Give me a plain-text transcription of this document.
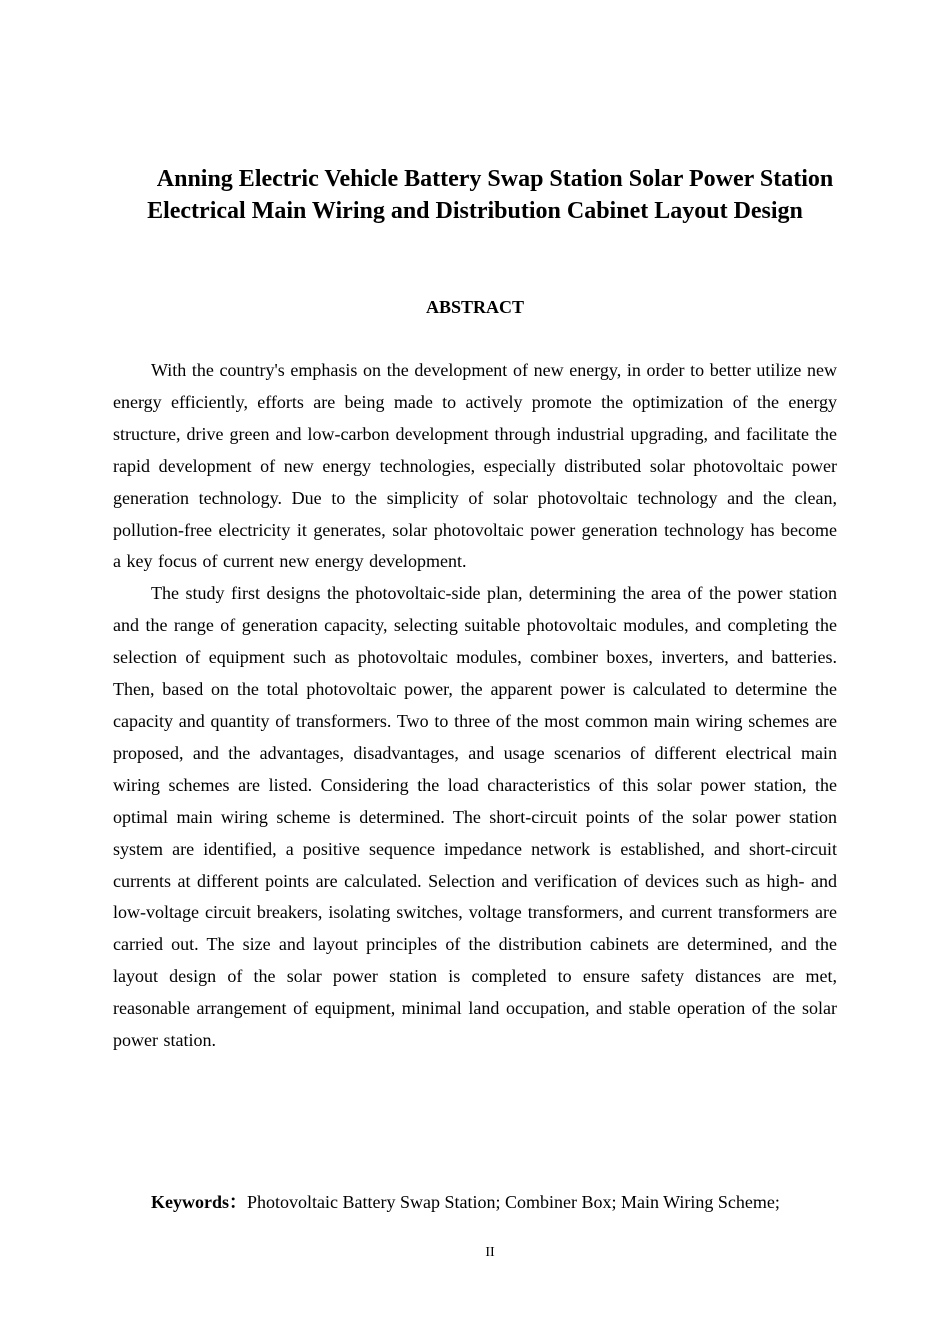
Anning Electric Vehicle Battery Swap Station Solar Power Station Electrical Main Wiring and Distribution Cabinet Layout Design
ABSTRACT

With the country's emphasis on the development of new energy, in order to better utilize new energy efficiently, efforts are being made to actively promote the optimization of the energy structure, drive green and low-carbon development through industrial upgrading, and facilitate the rapid development of new energy technologies, especially distributed solar photovoltaic power generation technology. Due to the simplicity of solar photovoltaic technology and the clean, pollution-free electricity it generates, solar photovoltaic power generation technology has become a key focus of current new energy development.

The study first designs the photovoltaic-side plan, determining the area of the power station and the range of generation capacity, selecting suitable photovoltaic modules, and completing the selection of equipment such as photovoltaic modules, combiner boxes, inverters, and batteries. Then, based on the total photovoltaic power, the apparent power is calculated to determine the capacity and quantity of transformers. Two to three of the most common main wiring schemes are proposed, and the advantages, disadvantages, and usage scenarios of different electrical main wiring schemes are listed. Considering the load characteristics of this solar power station, the optimal main wiring scheme is determined. The short-circuit points of the solar power station system are identified, a positive sequence impedance network is established, and short-circuit currents at different points are calculated. Selection and verification of devices such as high- and low-voltage circuit breakers, isolating switches, voltage transformers, and current transformers are carried out. The size and layout principles of the distribution cabinets are determined, and the layout design of the solar power station is completed to ensure safety distances are met, reasonable arrangement of equipment, minimal land occupation, and stable operation of the solar power station.

Keywords：Photovoltaic Battery Swap Station; Combiner Box; Main Wiring Scheme;

II
